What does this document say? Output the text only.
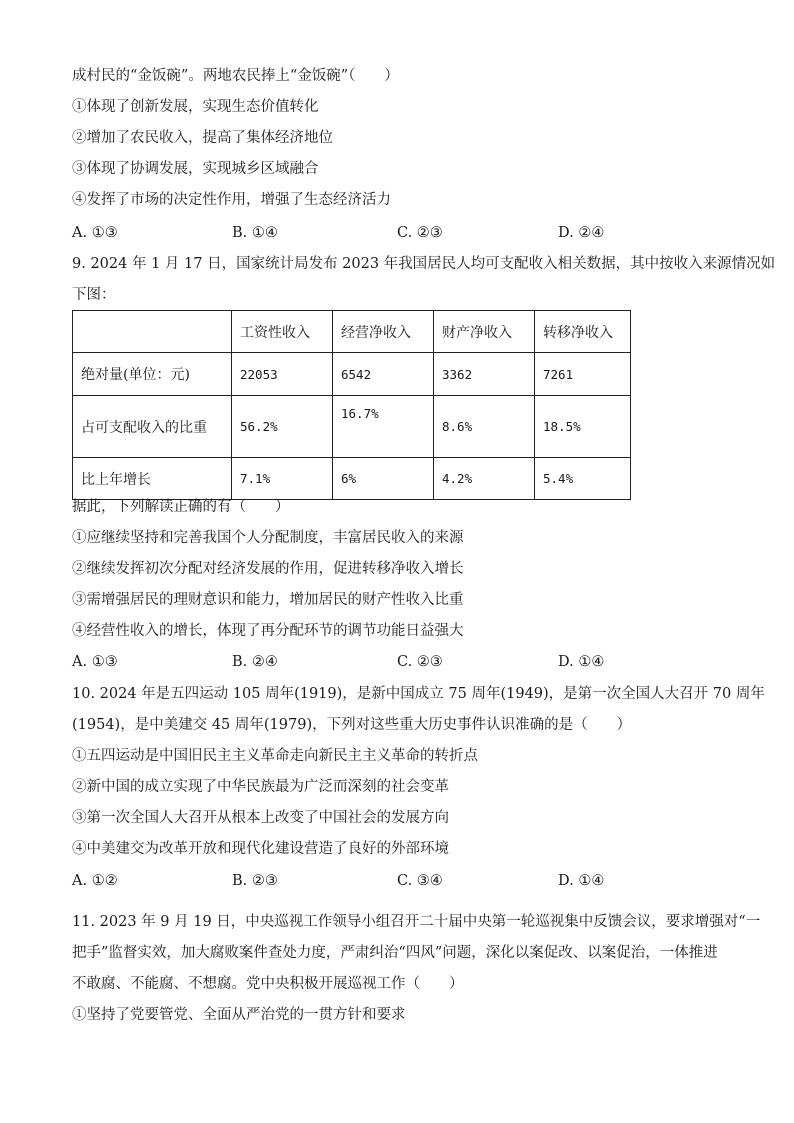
成村民的“金饭碗”。两地农民捧上“金饭碗”（　　）
①体现了创新发展，实现生态价值转化
②增加了农民收入，提高了集体经济地位
③体现了协调发展，实现城乡区域融合
④发挥了市场的决定性作用，增强了生态经济活力
A. ①③	B. ①④	C. ②③	D. ②④
9. 2024 年 1 月 17 日，国家统计局发布 2023 年我国居民人均可支配收入相关数据，其中按收入来源情况如
下图：
	工资性收入	经营净收入	财产净收入	转移净收入
绝对量(单位：元)	22053	6542	3362	7261
占可支配收入的比重	56.2%	16.7%	8.6%	18.5%
比上年增长	7.1%	6%	4.2%	5.4%
据此，下列解读正确的有（　　）
①应继续坚持和完善我国个人分配制度，丰富居民收入的来源
②继续发挥初次分配对经济发展的作用，促进转移净收入增长
③需增强居民的理财意识和能力，增加居民的财产性收入比重
④经营性收入的增长，体现了再分配环节的调节功能日益强大
A. ①③	B. ②④	C. ②③	D. ①④
10. 2024 年是五四运动 105 周年(1919)，是新中国成立 75 周年(1949)，是第一次全国人大召开 70 周年
(1954)，是中美建交 45 周年(1979)，下列对这些重大历史事件认识准确的是（　　）
①五四运动是中国旧民主主义革命走向新民主主义革命的转折点
②新中国的成立实现了中华民族最为广泛而深刻的社会变革
③第一次全国人大召开从根本上改变了中国社会的发展方向
④中美建交为改革开放和现代化建设营造了良好的外部环境
A. ①②	B. ②③	C. ③④	D. ①④
11. 2023 年 9 月 19 日，中央巡视工作领导小组召开二十届中央第一轮巡视集中反馈会议，要求增强对“一
把手”监督实效，加大腐败案件查处力度，严肃纠治“四风”问题，深化以案促改、以案促治，一体推进
不敢腐、不能腐、不想腐。党中央积极开展巡视工作（　　）
①坚持了党要管党、全面从严治党的一贯方针和要求
